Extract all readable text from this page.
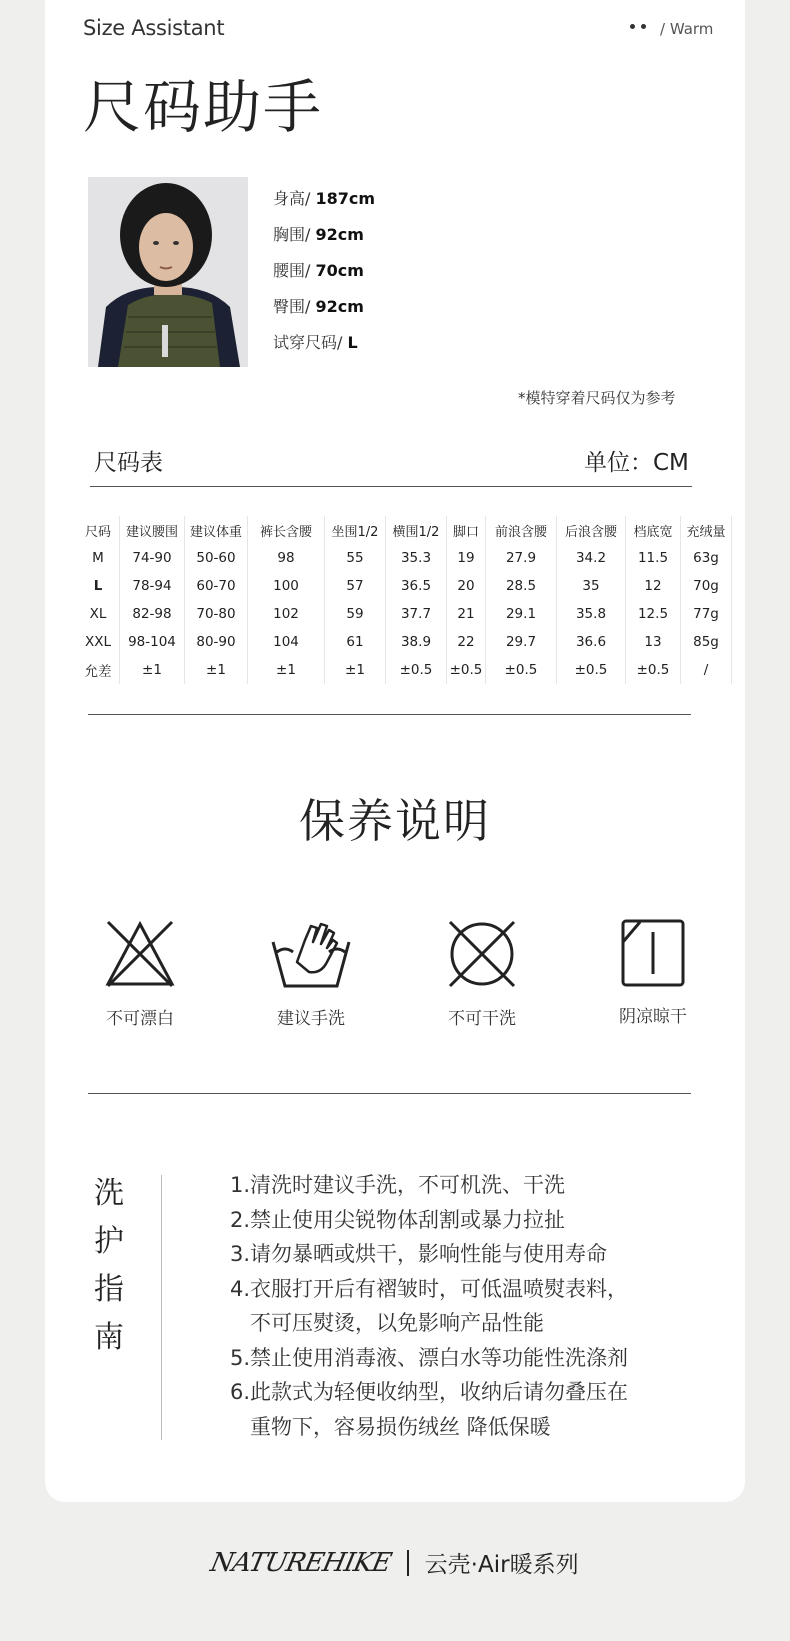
Size Assistant	/ Warm
尺码助手
身高/ 187cm
胸围/ 92cm
腰围/ 70cm
臀围/ 92cm
试穿尺码/ L
*模特穿着尺码仅为参考
尺码表	单位：CM
尺码	建议腰围	建议体重	裤长含腰	坐围1/2	横围1/2	脚口	前浪含腰	后浪含腰	档底宽	充绒量
M	74-90	50-60	98	55	35.3	19	27.9	34.2	11.5	63g
L	78-94	60-70	100	57	36.5	20	28.5	35	12	70g
XL	82-98	70-80	102	59	37.7	21	29.1	35.8	12.5	77g
XXL	98-104	80-90	104	61	38.9	22	29.7	36.6	13	85g
允差	±1	±1	±1	±1	±0.5	±0.5	±0.5	±0.5	±0.5	/
保养说明
不可漂白	建议手洗	不可干洗	阴凉晾干
洗
护
指
南
1.清洗时建议手洗，不可机洗、干洗
2.禁止使用尖锐物体刮割或暴力拉扯
3.请勿暴晒或烘干，影响性能与使用寿命
4.衣服打开后有褶皱时，可低温喷熨表料，
不可压熨烫，以免影响产品性能
5.禁止使用消毒液、漂白水等功能性洗涤剂
6.此款式为轻便收纳型，收纳后请勿叠压在
重物下，容易损伤绒丝 降低保暖
NATUREHIKE 云壳·Air暖系列
